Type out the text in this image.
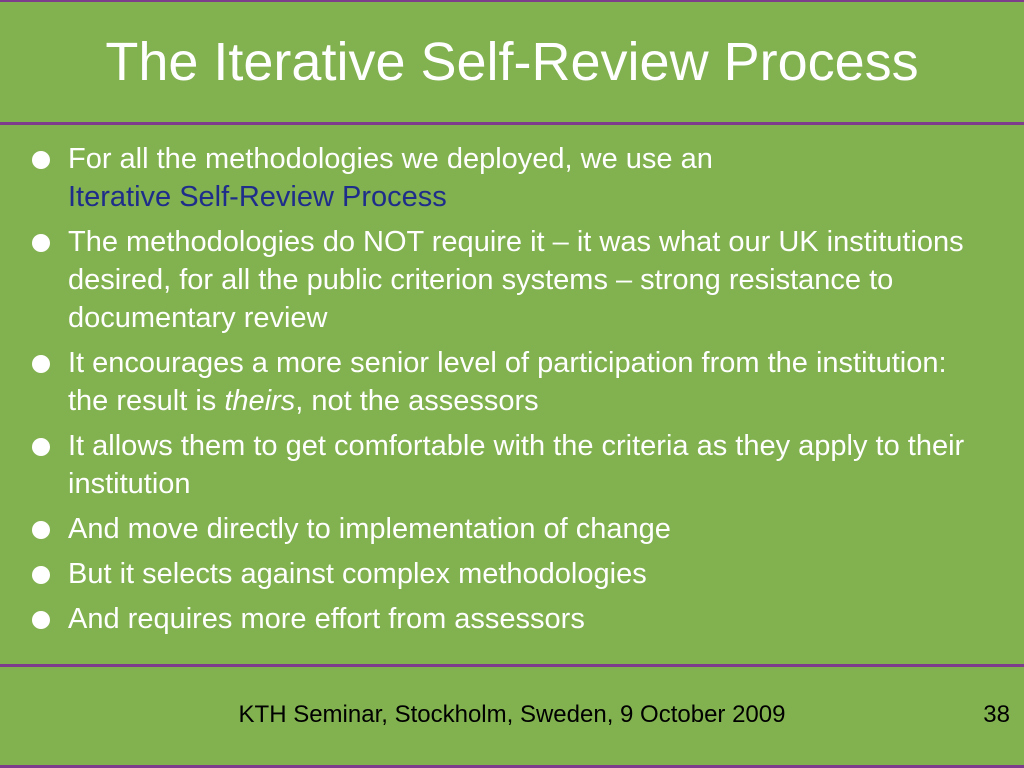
The Iterative Self-Review Process
For all the methodologies we deployed, we use an
Iterative Self-Review Process
The methodologies do NOT require it – it was what our UK institutions desired, for all the public criterion systems – strong resistance to documentary review
It encourages a more senior level of participation from the institution: the result is theirs, not the assessors
It allows them to get comfortable with the criteria as they apply to their institution
And move directly to implementation of change
But it selects against complex methodologies
And requires more effort from assessors
KTH Seminar, Stockholm, Sweden, 9 October 2009	38
